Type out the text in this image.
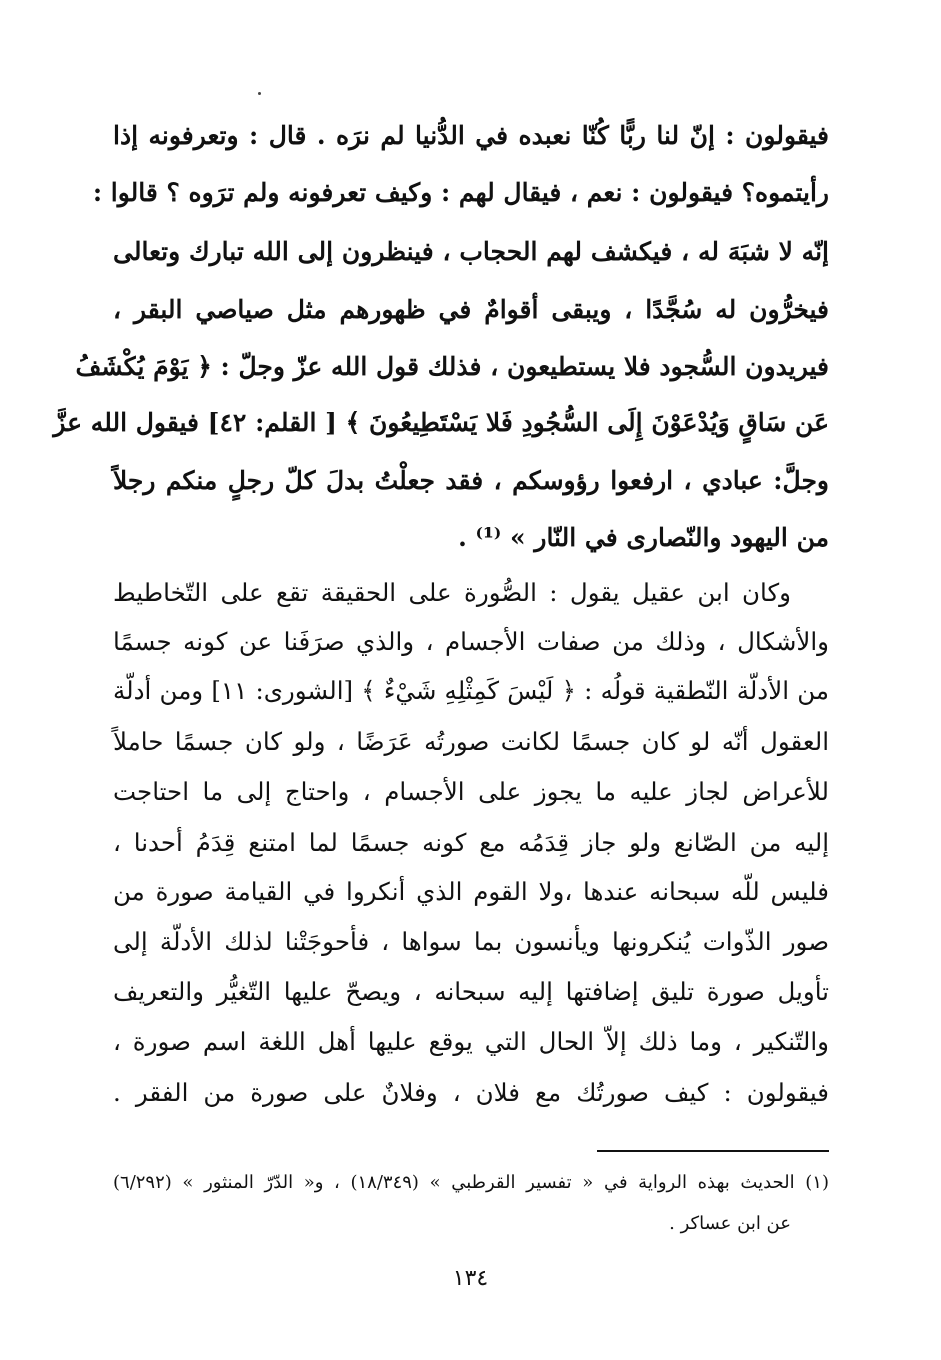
فيقولون : إنّ لنا ربًّا كُنّا نعبده في الدُّنيا لم نرَه . قال : وتعرفونه إذا
رأيتموه؟ فيقولون : نعم ، فيقال لهم : وكيف تعرفونه ولم ترَوه ؟ قالوا :
إنّه لا شبَهَ له ، فيكشف لهم الحجاب ، فينظرون إلى الله تبارك وتعالى
فيخرُّون له سُجَّدًا ، ويبقى أقوامٌ في ظهورهم مثل صياصي البقر ،
فيريدون السُّجود فلا يستطيعون ، فذلك قول الله عزّ وجلّ : ﴿ يَوْمَ يُكْشَفُ
عَن سَاقٍ وَيُدْعَوْنَ إِلَى السُّجُودِ فَلا يَسْتَطِيعُونَ ﴾ [ القلم: ٤٢] فيقول الله عزَّ
وجلَّ: عبادي ، ارفعوا رؤوسكم ، فقد جعلْتُ بدلَ كلّ رجلٍ منكم رجلاً
من اليهود والنّصارى في النّار » ⁽¹⁾ .
وكان ابن عقيل يقول : الصُّورة على الحقيقة تقع على التّخاطيط
والأشكال ، وذلك من صفات الأجسام ، والذي صرَفَنا عن كونه جسمًا
من الأدلّة النّطقية قولُه : ﴿ لَيْسَ كَمِثْلِهِ شَيْءٌ ﴾ [الشورى: ١١] ومن أدلّة
العقول أنّه لو كان جسمًا لكانت صورتُه عَرَضًا ، ولو كان جسمًا حاملاً
للأعراض لجاز عليه ما يجوز على الأجسام ، واحتاج إلى ما احتاجت
إليه من الصّانع ولو جاز قِدَمُه مع كونه جسمًا لما امتنع قِدَمُ أحدنا ،
فليس للّه سبحانه عندها ،ولا القوم الذي أنكروا في القيامة صورة من
صور الذّوات يُنكرونها ويأنسون بما سواها ، فأحوجَتْنا لذلك الأدلّة إلى
تأويل صورة تليق إضافتها إليه سبحانه ، ويصحّ عليها التّغيُّر والتعريف
والتّنكير ، وما ذلك إلاّ الحال التي يوقع عليها أهل اللغة اسم صورة ،
فيقولون : كيف صورتُك مع فلان ، وفلانٌ على صورة من الفقر .
(١) الحديث بهذه الرواية في « تفسير القرطبي » (١٨/٣٤٩) ، و« الدّرّ المنثور » (٦/٢٩٢)
عن ابن عساكر .
١٣٤
